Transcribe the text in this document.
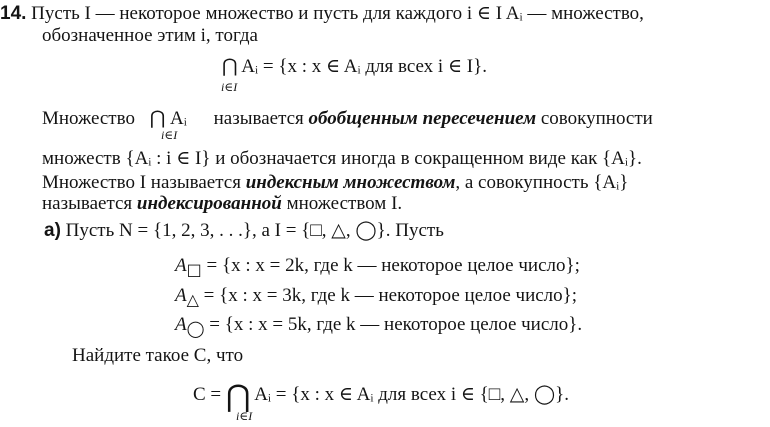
14. Пусть I — некоторое множество и пусть для каждого i ∈ I Aᵢ — множество,
обозначенное этим i, тогда
⋂ Aᵢ = {x : x ∈ Aᵢ для всех i ∈ I}.
i∈I
Множество ⋂ Aᵢ называется обобщенным пересечением совокупности
i∈I
множеств {Aᵢ : i ∈ I} и обозначается иногда в сокращенном виде как {Aᵢ}.
Множество I называется индексным множеством, а совокупность {Aᵢ}
называется индексированной множеством I.
а) Пусть N = {1, 2, 3, . . .}, а I = {□, △, ◯}. Пусть
$A_□ = \{x$ : x = 2k, где k — некоторое целое число};
$A_\triangle = \{x$ : x = 3k, где k — некоторое целое число};
$A_◯ = \{x$ : x = 5k, где k — некоторое целое число}.
Найдите такое C, что
C = ⋂ Aᵢ = {x : x ∈ Aᵢ для всех i ∈ {□, △, ◯}.
i∈I
